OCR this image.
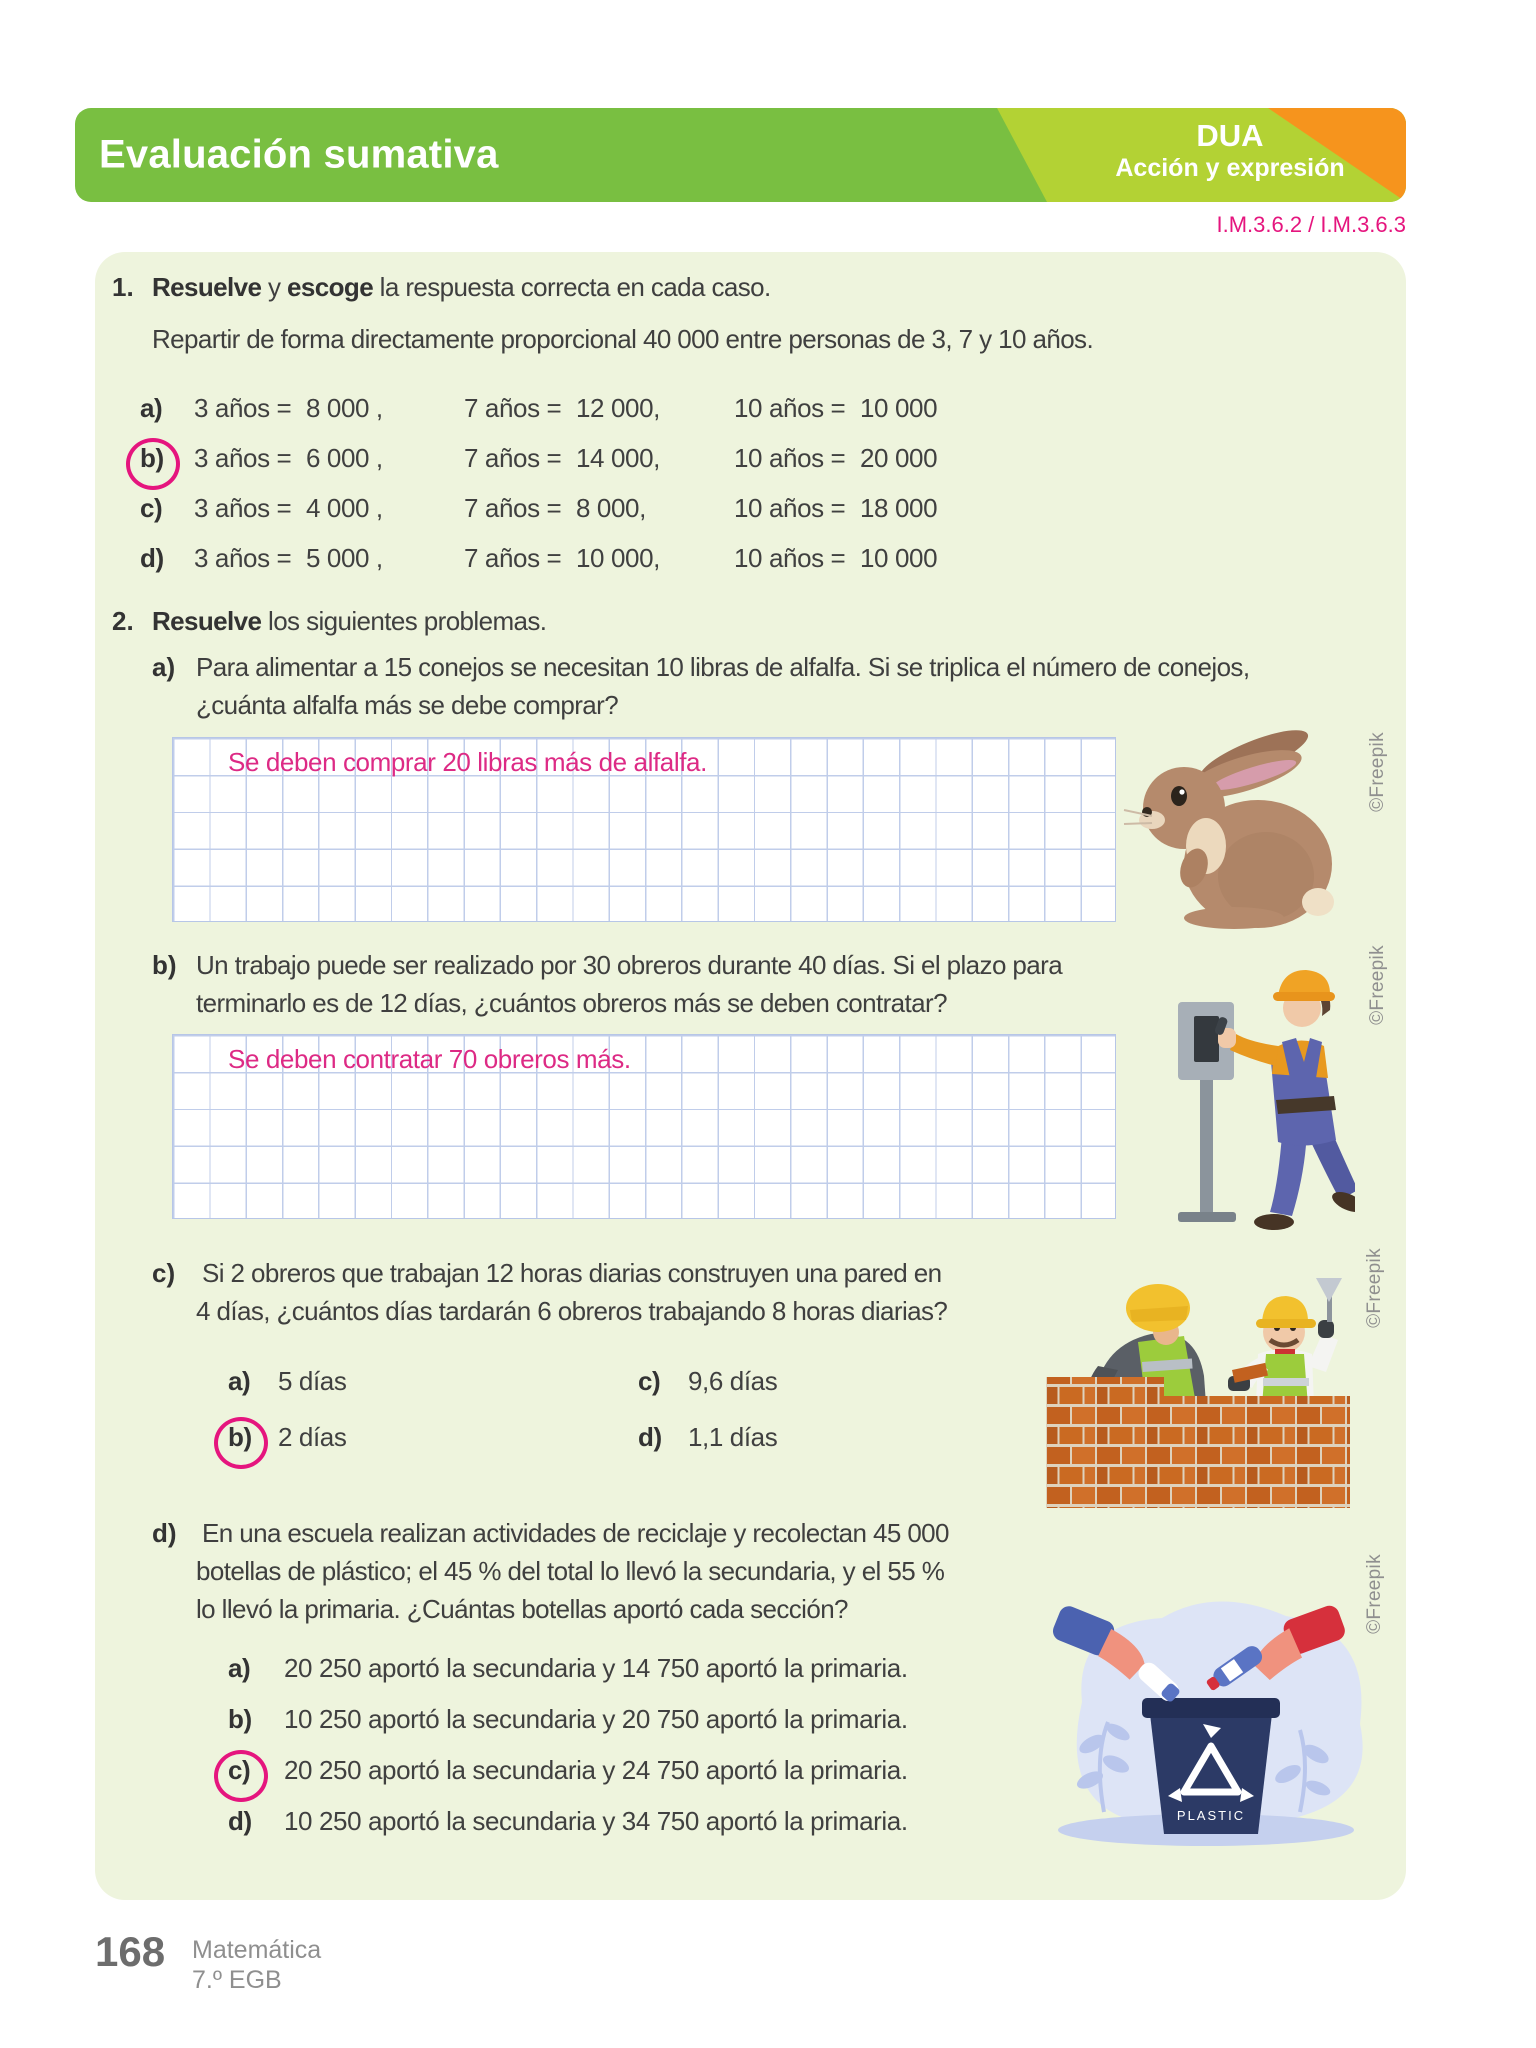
Evaluación sumativa	DUA
Acción y expresión
I.M.3.6.2 / I.M.3.6.3
1. Resuelve y escoge la respuesta correcta en cada caso.
Repartir de forma directamente proporcional 40 000 entre personas de 3, 7 y 10 años.
a)	3 años = 8 000 ,	7 años = 12 000,	10 años = 10 000
b)	3 años = 6 000 ,	7 años = 14 000,	10 años = 20 000
c)	3 años = 4 000 ,	7 años = 8 000,	10 años = 18 000
d)	3 años = 5 000 ,	7 años = 10 000,	10 años = 10 000
2. Resuelve los siguientes problemas.
a) Para alimentar a 15 conejos se necesitan 10 libras de alfalfa. Si se triplica el número de conejos,
¿cuánta alfalfa más se debe comprar?
Se deben comprar 20 libras más de alfalfa.	©Freepik
b) Un trabajo puede ser realizado por 30 obreros durante 40 días. Si el plazo para
terminarlo es de 12 días, ¿cuántos obreros más se deben contratar?
Se deben contratar 70 obreros más.
©Freepik
c) Si 2 obreros que trabajan 12 horas diarias construyen una pared en
4 días, ¿cuántos días tardarán 6 obreros trabajando 8 horas diarias?
a)	5 días	c)	9,6 días
b)	2 días	d)	1,1 días
©Freepik
d) En una escuela realizan actividades de reciclaje y recolectan 45 000
botellas de plástico; el 45 % del total lo llevó la secundaria, y el 55 %
lo llevó la primaria. ¿Cuántas botellas aportó cada sección?
a)	20 250 aportó la secundaria y 14 750 aportó la primaria.
b)	10 250 aportó la secundaria y 20 750 aportó la primaria.
c)	20 250 aportó la secundaria y 24 750 aportó la primaria.
d)	10 250 aportó la secundaria y 34 750 aportó la primaria.	PLASTIC
©Freepik
168 Matemática
7.º EGB
